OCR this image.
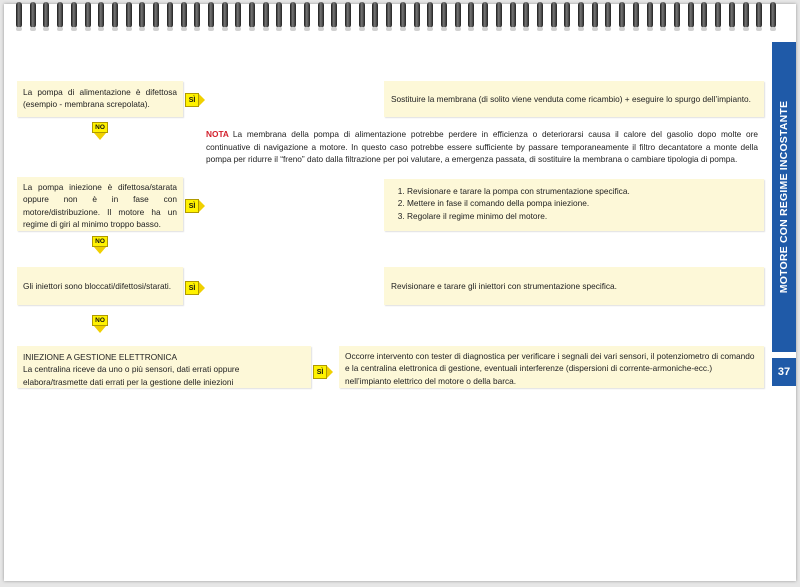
MOTORE CON REGIME INCOSTANTE
37
La pompa di alimentazione è difettosa (esempio - membrana screpolata).	SÌ	Sostituire la membrana (di solito viene venduta come ricambio) + eseguire lo spurgo dell’impianto.
NO
NOTA La membrana della pompa di alimentazione potrebbe perdere in efficienza o deteriorarsi causa il calore del gasolio dopo molte ore continuative di navigazione a motore. In questo caso potrebbe essere sufficiente by passare temporaneamente il filtro decantatore a monte della pompa per ridurre il “freno” dato dalla filtrazione per poi valutare, a emergenza passata, di sostituire la membrana o cambiare tipologia di pompa.
La pompa iniezione è difettosa/starata oppure non è in fase con motore/distribuzione. Il motore ha un regime di giri al minimo troppo basso.
SÌ
1. Revisionare e tarare la pompa con strumentazione specifica.
2. Mettere in fase il comando della pompa iniezione.
3. Regolare il regime minimo del motore.
NO
Gli iniettori sono bloccati/difettosi/starati.	SÌ	Revisionare e tarare gli iniettori con strumentazione specifica.
NO
INIEZIONE A GESTIONE ELETTRONICA
La centralina riceve da uno o più sensori, dati errati oppure elabora/trasmette dati errati per la gestione delle iniezioni
SÌ
Occorre intervento con tester di diagnostica per verificare i segnali dei vari sensori, il potenziometro di comando e la centralina elettronica di gestione, eventuali interferenze (dispersioni di corrente-armoniche-ecc.) nell’impianto elettrico del motore o della barca.
